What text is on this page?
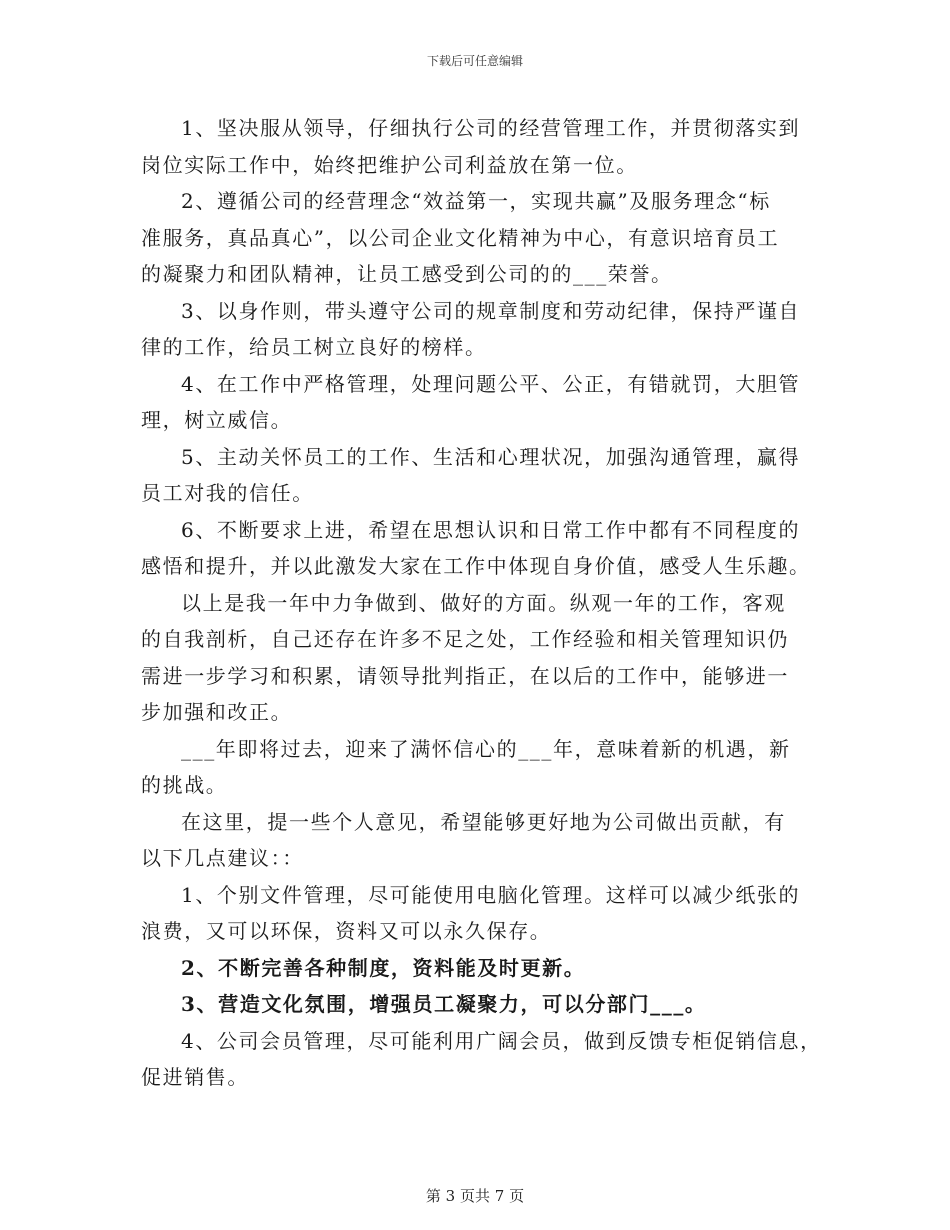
下载后可任意编辑

1、坚决服从领导，仔细执行公司的经营管理工作，并贯彻落实到
岗位实际工作中，始终把维护公司利益放在第一位。

2、遵循公司的经营理念“效益第一，实现共赢”及服务理念“标
准服务，真品真心”，以公司企业文化精神为中心，有意识培育员工
的凝聚力和团队精神，让员工感受到公司的的___荣誉。

3、以身作则，带头遵守公司的规章制度和劳动纪律，保持严谨自
律的工作，给员工树立良好的榜样。

4、在工作中严格管理，处理问题公平、公正，有错就罚，大胆管
理，树立威信。

5、主动关怀员工的工作、生活和心理状况，加强沟通管理，赢得
员工对我的信任。

6、不断要求上进，希望在思想认识和日常工作中都有不同程度的
感悟和提升，并以此激发大家在工作中体现自身价值，感受人生乐趣。

以上是我一年中力争做到、做好的方面。纵观一年的工作，客观
的自我剖析，自己还存在许多不足之处，工作经验和相关管理知识仍
需进一步学习和积累，请领导批判指正，在以后的工作中，能够进一
步加强和改正。

___年即将过去，迎来了满怀信心的___年，意味着新的机遇，新
的挑战。

在这里，提一些个人意见，希望能够更好地为公司做出贡献，有
以下几点建议：：

1、个别文件管理，尽可能使用电脑化管理。这样可以减少纸张的
浪费，又可以环保，资料又可以永久保存。

2、不断完善各种制度，资料能及时更新。

3、营造文化氛围，增强员工凝聚力，可以分部门___。

4、公司会员管理，尽可能利用广阔会员，做到反馈专柜促销信息，
促进销售。

第 3 页共 7 页
